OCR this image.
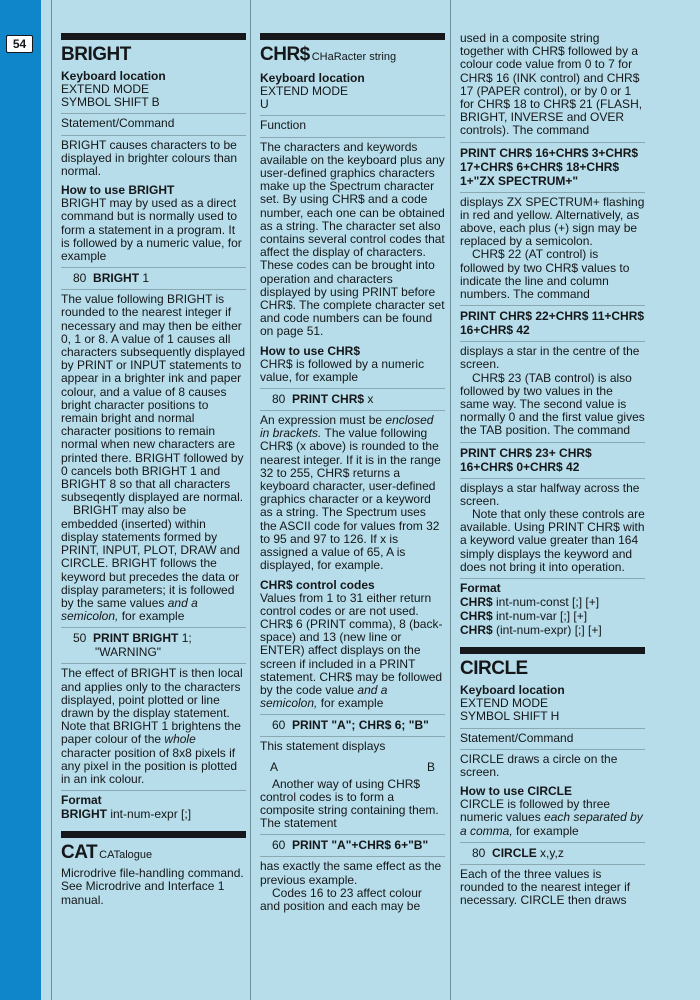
54	BRIGHT
Keyboard location
EXTEND MODE
SYMBOL SHIFT B
Statement/Command

BRIGHT causes characters to be displayed in brighter colours than normal.

How to use BRIGHT

BRIGHT may by used as a direct command but is normally used to form a statement in a program. It is followed by a numeric value, for example

80 BRIGHT 1

The value following BRIGHT is rounded to the nearest integer if necessary and may then be either 0, 1 or 8. A value of 1 causes all characters subsequently displayed by PRINT or INPUT statements to appear in a brighter ink and paper colour, and a value of 8 causes bright character positions to remain bright and normal character positions to remain normal when new characters are printed there. BRIGHT followed by 0 cancels both BRIGHT 1 and BRIGHT 8 so that all characters subseqently displayed are normal.

BRIGHT may also be embedded (inserted) within display statements formed by PRINT, INPUT, PLOT, DRAW and CIRCLE. BRIGHT follows the keyword but precedes the data or display parameters; it is followed by the same values and a semicolon, for example

50 PRINT BRIGHT 1;
"WARNING"

The effect of BRIGHT is then local and applies only to the characters displayed, point plotted or line drawn by the display statement. Note that BRIGHT 1 brightens the paper colour of the whole character position of 8x8 pixels if any pixel in the position is plotted in an ink colour.

Format
BRIGHT int-num-expr [;]
CAT CATalogue

Microdrive file-handling command. See Microdrive and Interface 1 manual.

CHR$ CHaRacter string
Keyboard location
EXTEND MODE
U
Function

The characters and keywords available on the keyboard plus any user-defined graphics characters make up the Spectrum character set. By using CHR$ and a code number, each one can be obtained as a string. The character set also contains several control codes that affect the display of characters. These codes can be brought into operation and characters displayed by using PRINT before CHR$. The complete character set and code numbers can be found on page 51.

How to use CHR$

CHR$ is followed by a numeric value, for example

80 PRINT CHR$ x

An expression must be enclosed in brackets. The value following CHR$ (x above) is rounded to the nearest integer. If it is in the range 32 to 255, CHR$ returns a keyboard character, user-defined graphics character or a keyword as a string. The Spectrum uses the ASCII code for values from 32 to 95 and 97 to 126. If x is assigned a value of 65, A is displayed, for example.

CHR$ control codes

Values from 1 to 31 either return control codes or are not used. CHR$ 6 (PRINT comma), 8 (back-space) and 13 (new line or ENTER) affect displays on the screen if included in a PRINT statement. CHR$ may be followed by the code value and a semicolon, for example

60 PRINT "A"; CHR$ 6; "B"

This statement displays

A	B

Another way of using CHR$ control codes is to form a composite string containing them. The statement

60 PRINT "A"+CHR$ 6+"B"

has exactly the same effect as the previous example.

Codes 16 to 23 affect colour and position and each may be

used in a composite string together with CHR$ followed by a colour code value from 0 to 7 for CHR$ 16 (INK control) and CHR$ 17 (PAPER control), or by 0 or 1 for CHR$ 18 to CHR$ 21 (FLASH, BRIGHT, INVERSE and OVER controls). The command

PRINT CHR$ 16+CHR$ 3+CHR$ 17+CHR$ 6+CHR$ 18+CHR$ 1+"ZX SPECTRUM+"

displays ZX SPECTRUM+ flashing in red and yellow. Alternatively, as above, each plus (+) sign may be replaced by a semicolon.

CHR$ 22 (AT control) is followed by two CHR$ values to indicate the line and column numbers. The command

PRINT CHR$ 22+CHR$ 11+CHR$ 16+CHR$ 42

displays a star in the centre of the screen.

CHR$ 23 (TAB control) is also followed by two values in the same way. The second value is normally 0 and the first value gives the TAB position. The command

PRINT CHR$ 23+ CHR$ 16+CHR$ 0+CHR$ 42

displays a star halfway across the screen.

Note that only these controls are available. Using PRINT CHR$ with a keyword value greater than 164 simply displays the keyword and does not bring it into operation.

Format
CHR$ int-num-const [;] [+]
CHR$ int-num-var [;] [+]
CHR$ (int-num-expr) [;] [+]
CIRCLE
Keyboard location
EXTEND MODE
SYMBOL SHIFT H
Statement/Command

CIRCLE draws a circle on the screen.

How to use CIRCLE

CIRCLE is followed by three numeric values each separated by a comma, for example

80 CIRCLE x,y,z

Each of the three values is rounded to the nearest integer if necessary. CIRCLE then draws
